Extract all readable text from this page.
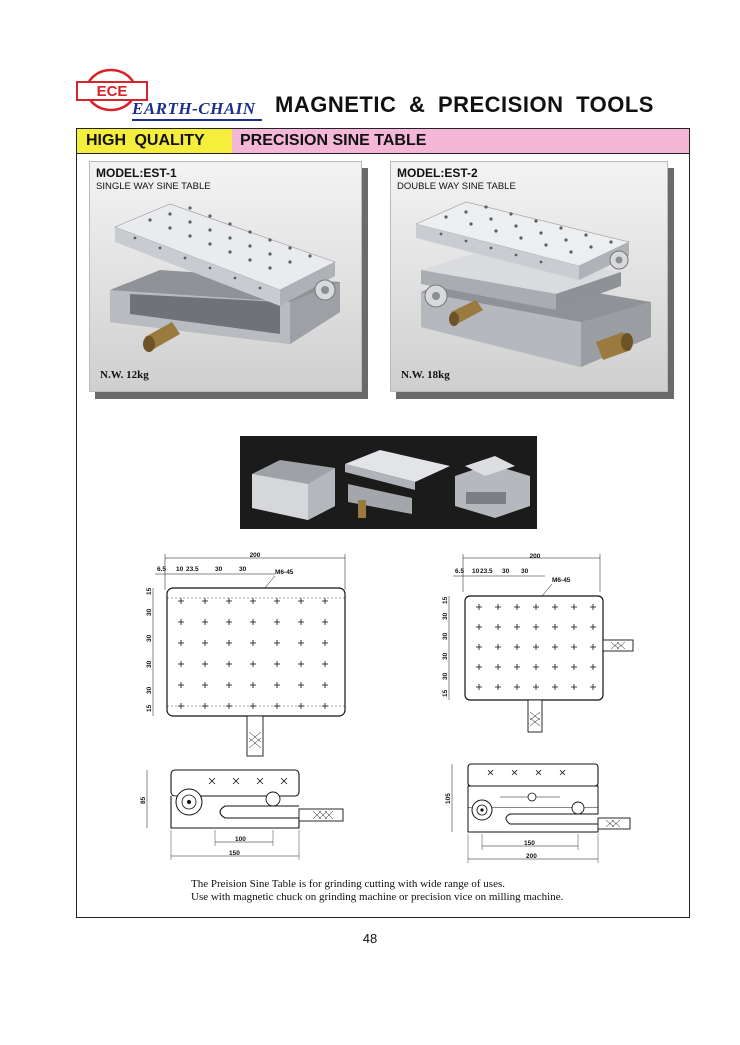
ECE
EARTH-CHAIN MAGNETIC & PRECISION TOOLS
HIGH QUALITY PRECISION SINE TABLE
MODEL:EST-1
SINGLE WAY SINE TABLE
N.W. 12kg
MODEL:EST-2
DOUBLE WAY SINE TABLE
N.W. 18kg
200
6.5 10 23.5	30	30	M6-45
15
30
30
30
30
15
200
6.5 10 23.5 30 30
M6-45
15
30
30
30
30
15
85
100
150
105
150
200
The Preision Sine Table is for grinding cutting with wide range of uses.
Use with magnetic chuck on grinding machine or precision vice on milling machine.
48
